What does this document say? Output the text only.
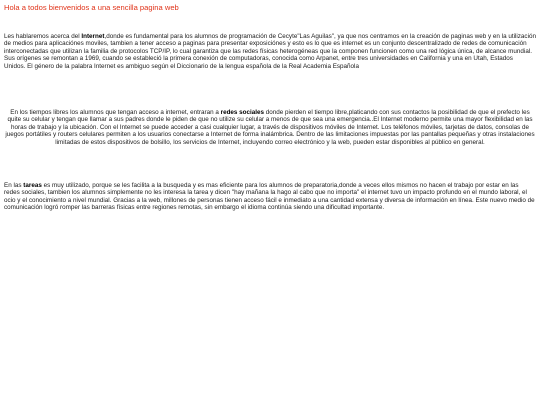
Hola a todos bienvenidos a una sencilla pagina web

Les hablaremos acerca del Internet,donde es fundamental para los alumnos de programación de Cecyte"Las Aguilas", ya que nos centramos en la creación de paginas web y en la utilización de medios para aplicaciónes moviles, tambien a tener acceso a paginas para presentar exposiciónes y esto es lo que es internet es un conjunto descentralizado de redes de comunicación interconectadas que utilizan la familia de protocolos TCP/IP, lo cual garantiza que las redes físicas heterogéneas que la componen funcionen como una red lógica única, de alcance mundial. Sus orígenes se remontan a 1969, cuando se estableció la primera conexión de computadoras, conocida como Arpanet, entre tres universidades en California y una en Utah, Estados Unidos. El género de la palabra Internet es ambiguo según el Diccionario de la lengua española de la Real Academia Española

En los tiempos libres los alumnos que tengan acceso a internet, entraran a redes sociales donde pierden el tiempo libre,platicando con sus contactos la posibilidad de que el prefecto les quite su celular y tengan que llamar a sus padres donde le piden de que no utilize su celular a menos de que sea una emergencia..El Internet moderno permite una mayor flexibilidad en las horas de trabajo y la ubicación. Con el Internet se puede acceder a casi cualquier lugar, a través de dispositivos móviles de Internet. Los teléfonos móviles, tarjetas de datos, consolas de juegos portátiles y routers celulares permiten a los usuarios conectarse a Internet de forma inalámbrica. Dentro de las limitaciones impuestas por las pantallas pequeñas y otras instalaciones limitadas de estos dispositivos de bolsillo, los servicios de Internet, incluyendo correo electrónico y la web, pueden estar disponibles al público en general.

En las tareas es muy utilizado, porque se les facilita a la busqueda y es mas eficiente para los alumnos de preparatoria,donde a veces ellos mismos no hacen el trabajo por estar en las redes sociales, tambien los alumnos simplemente no les interesa la tarea y dicen "hay mañana la hago al cabo que no importa" el internet tuvo un impacto profundo en el mundo laboral, el ocio y el conocimiento a nivel mundial. Gracias a la web, millones de personas tienen acceso fácil e inmediato a una cantidad extensa y diversa de información en línea. Este nuevo medio de comunicación logró romper las barreras físicas entre regiones remotas, sin embargo el idioma continúa siendo una dificultad importante.
